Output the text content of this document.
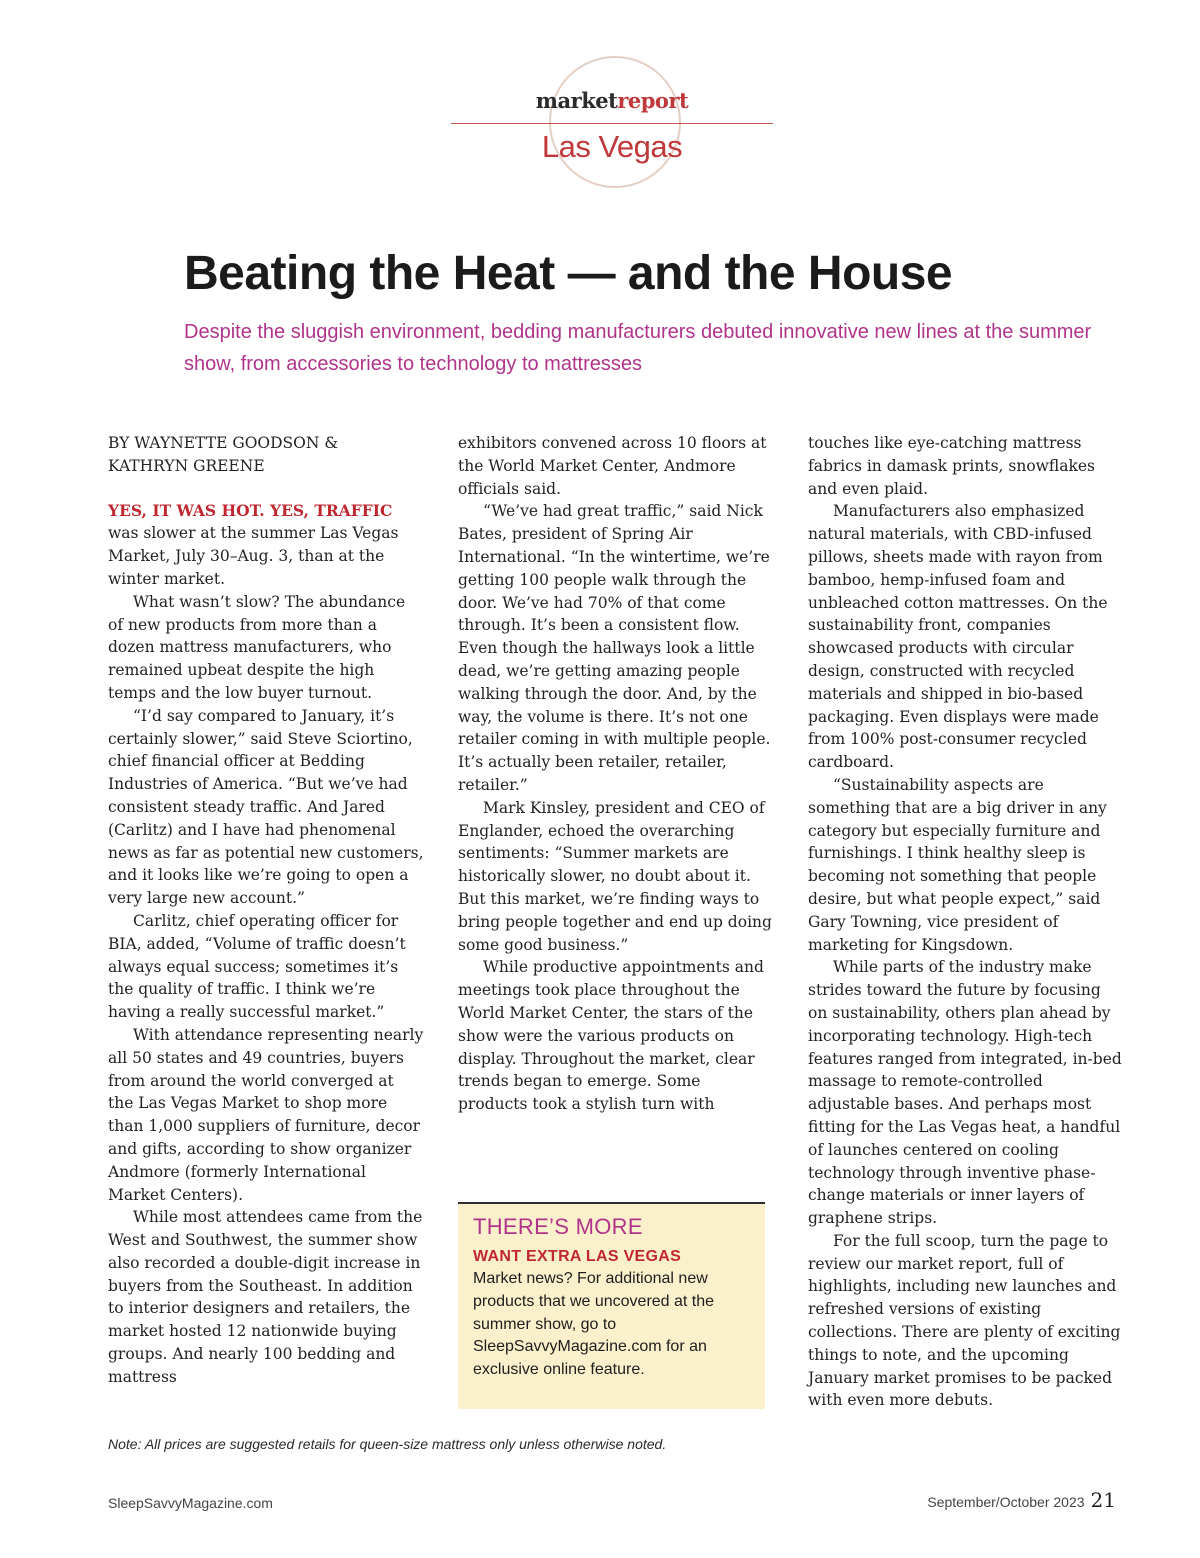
marketreport
Las Vegas
Beating the Heat — and the House
Despite the sluggish environment, bedding manufacturers debuted innovative new lines at the summer show, from accessories to technology to mattresses

BY WAYNETTE GOODSON &
KATHRYN GREENE

YES, IT WAS HOT. YES, TRAFFIC was slower at the summer Las Vegas Market, July 30–Aug. 3, than at the winter market.

What wasn’t slow? The abundance of new products from more than a dozen mattress manufacturers, who remained upbeat despite the high temps and the low buyer turnout.

“I’d say compared to January, it’s certainly slower,” said Steve Sciortino, chief financial officer at Bedding Industries of America. “But we’ve had consistent steady traffic. And Jared (Carlitz) and I have had phenomenal news as far as potential new customers, and it looks like we’re going to open a very large new account.”

Carlitz, chief operating officer for BIA, added, “Volume of traffic doesn’t always equal success; sometimes it’s the quality of traffic. I think we’re having a really successful market.”

With attendance representing nearly all 50 states and 49 countries, buyers from around the world converged at the Las Vegas Market to shop more than 1,000 suppliers of furniture, decor and gifts, according to show organizer Andmore (formerly International Market Centers).

While most attendees came from the West and Southwest, the summer show also recorded a double-digit increase in buyers from the Southeast. In addition to interior designers and retailers, the market hosted 12 nationwide buying groups. And nearly 100 bedding and mattress

exhibitors convened across 10 floors at the World Market Center, Andmore officials said.

“We’ve had great traffic,” said Nick Bates, president of Spring Air International. “In the wintertime, we’re getting 100 people walk through the door. We’ve had 70% of that come through. It’s been a consistent flow. Even though the hallways look a little dead, we’re getting amazing people walking through the door. And, by the way, the volume is there. It’s not one retailer coming in with multiple people. It’s actually been retailer, retailer, retailer.”

Mark Kinsley, president and CEO of Englander, echoed the overarching sentiments: “Summer markets are historically slower, no doubt about it. But this market, we’re finding ways to bring people together and end up doing some good business.”

While productive appointments and meetings took place throughout the World Market Center, the stars of the show were the various products on display. Throughout the market, clear trends began to emerge. Some products took a stylish turn with

THERE’S MORE

WANT EXTRA LAS VEGAS

Market news? For additional new products that we uncovered at the summer show, go to SleepSavvyMagazine.com for an exclusive online feature.

touches like eye-catching mattress fabrics in damask prints, snowflakes and even plaid.

Manufacturers also emphasized natural materials, with CBD-infused pillows, sheets made with rayon from bamboo, hemp-infused foam and unbleached cotton mattresses. On the sustainability front, companies showcased products with circular design, constructed with recycled materials and shipped in bio-based packaging. Even displays were made from 100% post-consumer recycled cardboard.

“Sustainability aspects are something that are a big driver in any category but especially furniture and furnishings. I think healthy sleep is becoming not something that people desire, but what people expect,” said Gary Towning, vice president of marketing for Kingsdown.

While parts of the industry make strides toward the future by focusing on sustainability, others plan ahead by incorporating technology. High-tech features ranged from integrated, in-bed massage to remote-controlled adjustable bases. And perhaps most fitting for the Las Vegas heat, a handful of launches centered on cooling technology through inventive phase-change materials or inner layers of graphene strips.

For the full scoop, turn the page to review our market report, full of highlights, including new launches and refreshed versions of existing collections. There are plenty of exciting things to note, and the upcoming January market promises to be packed with even more debuts.

Note: All prices are suggested retails for queen-size mattress only unless otherwise noted.
SleepSavvyMagazine.com	September/October 2023 21
